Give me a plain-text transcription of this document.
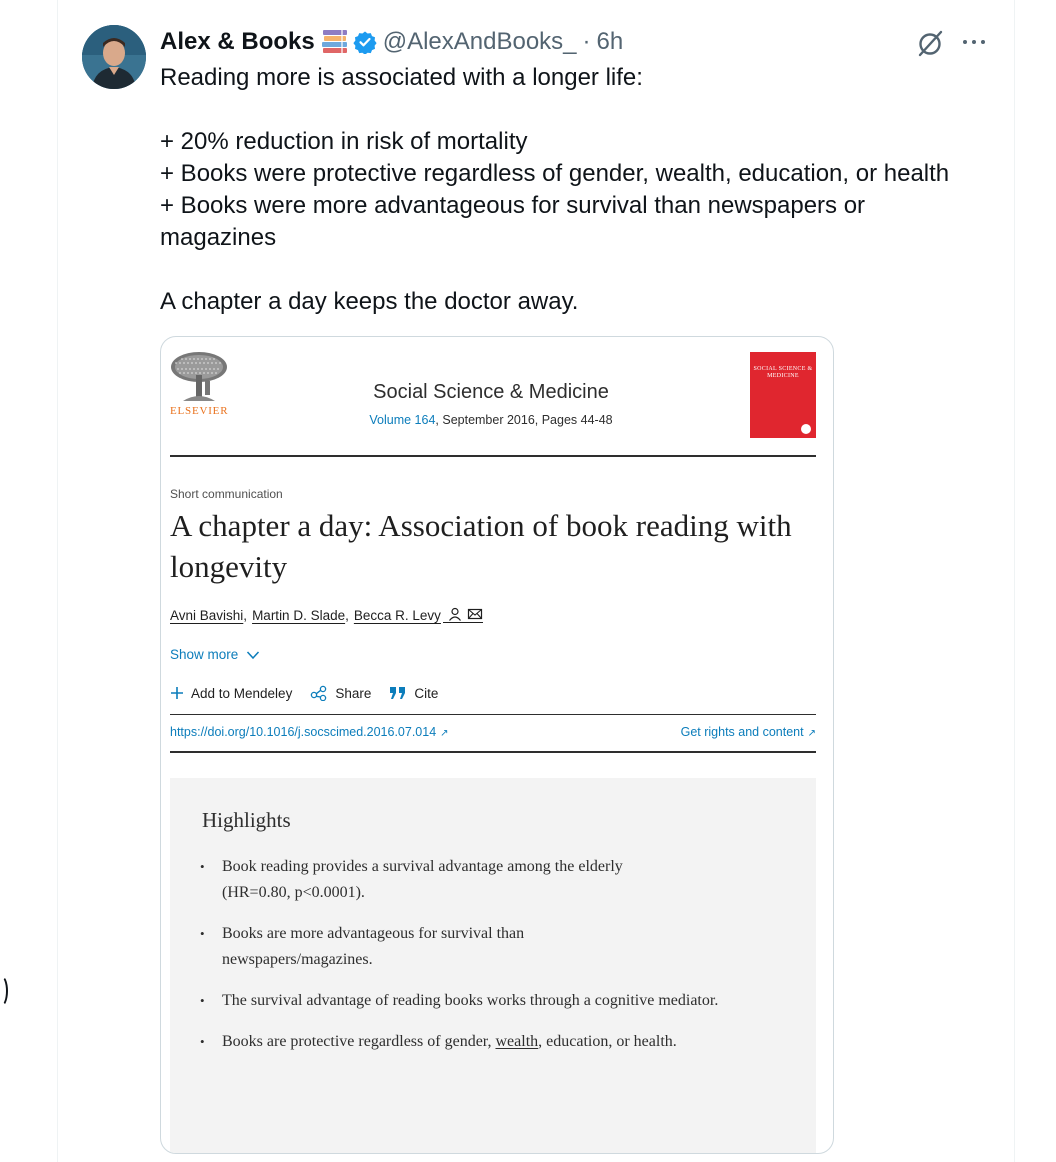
Alex & Books	@AlexAndBooks_ · 6h

Reading more is associated with a longer life:

+ 20% reduction in risk of mortality

+ Books were protective regardless of gender, wealth, education, or health

+ Books were more advantageous for survival than newspapers or magazines

A chapter a day keeps the doctor away.

ELSEVIER
Social Science & Medicine
Volume 164, September 2016, Pages 44-48
SOCIAL SCIENCE & MEDICINE
Short communication
A chapter a day: Association of book reading with longevity
Avni Bavishi , Martin D. Slade , Becca R. Levy
Show more
Add to Mendeley	Share	Cite
https://doi.org/10.1016/j.socscimed.2016.07.014 ↗	Get rights and content ↗
Highlights
• Book reading provides a survival advantage among the elderly (HR=0.80, p<0.0001).
• Books are more advantageous for survival than newspapers/magazines.
• The survival advantage of reading books works through a cognitive mediator.
• Books are protective regardless of gender, wealth, education, or health.
